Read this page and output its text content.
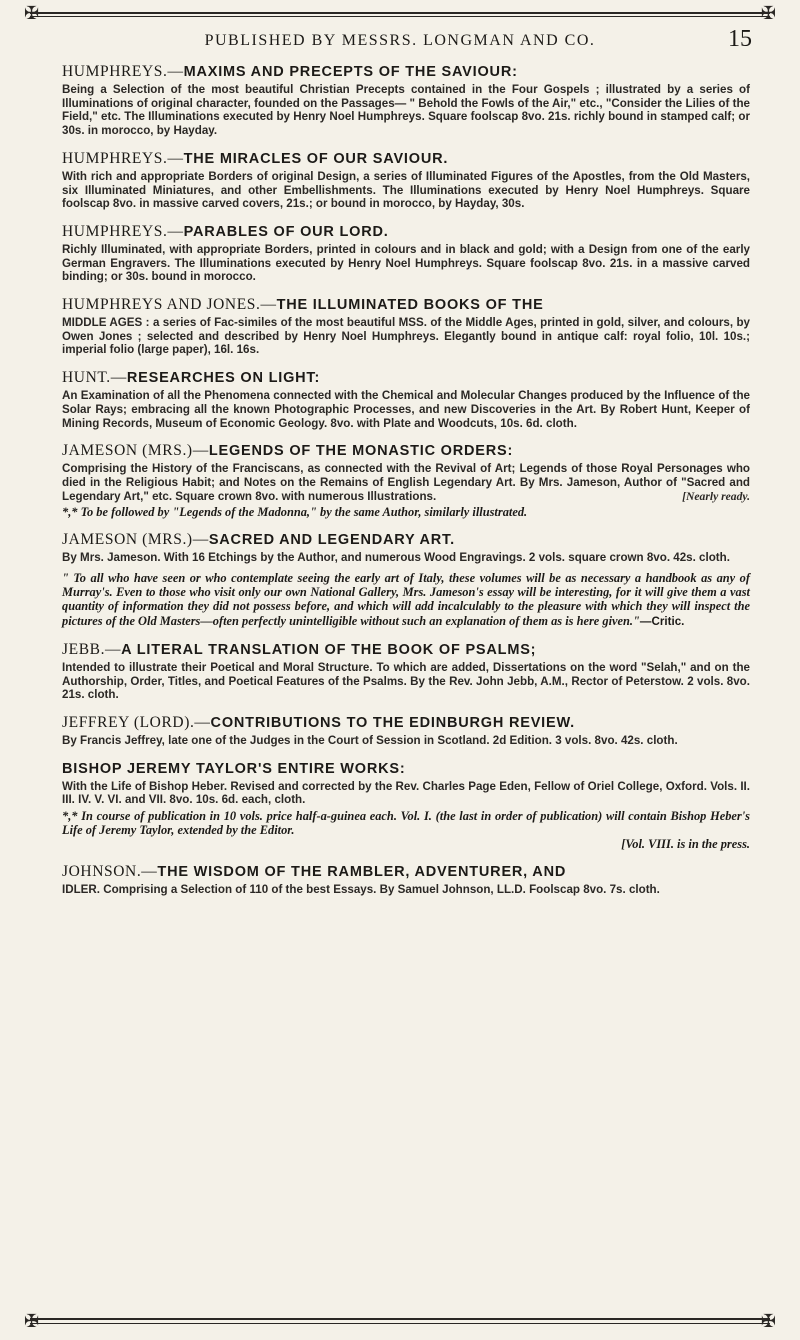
✠	✠
PUBLISHED BY MESSRS. LONGMAN AND CO.	15

HUMPHREYS.—MAXIMS AND PRECEPTS OF THE SAVIOUR:

Being a Selection of the most beautiful Christian Precepts contained in the Four Gospels ; illustrated by a series of Illuminations of original character, founded on the Passages— " Behold the Fowls of the Air," etc., "Consider the Lilies of the Field," etc. The Illuminations executed by Henry Noel Humphreys. Square foolscap 8vo. 21s. richly bound in stamped calf; or 30s. in morocco, by Hayday.

HUMPHREYS.—THE MIRACLES OF OUR SAVIOUR.

With rich and appropriate Borders of original Design, a series of Illuminated Figures of the Apostles, from the Old Masters, six Illuminated Miniatures, and other Embellishments. The Illuminations executed by Henry Noel Humphreys. Square foolscap 8vo. in massive carved covers, 21s.; or bound in morocco, by Hayday, 30s.

HUMPHREYS.—PARABLES OF OUR LORD.

Richly Illuminated, with appropriate Borders, printed in colours and in black and gold; with a Design from one of the early German Engravers. The Illuminations executed by Henry Noel Humphreys. Square foolscap 8vo. 21s. in a massive carved binding; or 30s. bound in morocco.

HUMPHREYS AND JONES.—THE ILLUMINATED BOOKS OF THE

MIDDLE AGES : a series of Fac-similes of the most beautiful MSS. of the Middle Ages, printed in gold, silver, and colours, by Owen Jones ; selected and described by Henry Noel Humphreys. Elegantly bound in antique calf: royal folio, 10l. 10s.; imperial folio (large paper), 16l. 16s.

HUNT.—RESEARCHES ON LIGHT:

An Examination of all the Phenomena connected with the Chemical and Molecular Changes produced by the Influence of the Solar Rays; embracing all the known Photographic Processes, and new Discoveries in the Art. By Robert Hunt, Keeper of Mining Records, Museum of Economic Geology. 8vo. with Plate and Woodcuts, 10s. 6d. cloth.

JAMESON (MRS.)—LEGENDS OF THE MONASTIC ORDERS:

Comprising the History of the Franciscans, as connected with the Revival of Art; Legends of those Royal Personages who died in the Religious Habit; and Notes on the Remains of English Legendary Art. By Mrs. Jameson, Author of "Sacred and Legendary Art," etc. Square crown 8vo. with numerous Illustrations.	[Nearly ready.

*,* To be followed by "Legends of the Madonna," by the same Author, similarly illustrated.

JAMESON (MRS.)—SACRED AND LEGENDARY ART.

By Mrs. Jameson. With 16 Etchings by the Author, and numerous Wood Engravings. 2 vols. square crown 8vo. 42s. cloth.

" To all who have seen or who contemplate seeing the early art of Italy, these volumes will be as necessary a handbook as any of Murray's. Even to those who visit only our own National Gallery, Mrs. Jameson's essay will be interesting, for it will give them a vast quantity of information they did not possess before, and which will add incalculably to the pleasure with which they will inspect the pictures of the Old Masters—often perfectly unintelligible without such an explanation of them as is here given."—Critic.

JEBB.—A LITERAL TRANSLATION OF THE BOOK OF PSALMS;

Intended to illustrate their Poetical and Moral Structure. To which are added, Dissertations on the word "Selah," and on the Authorship, Order, Titles, and Poetical Features of the Psalms. By the Rev. John Jebb, A.M., Rector of Peterstow. 2 vols. 8vo. 21s. cloth.

JEFFREY (LORD).—CONTRIBUTIONS TO THE EDINBURGH REVIEW.

By Francis Jeffrey, late one of the Judges in the Court of Session in Scotland. 2d Edition. 3 vols. 8vo. 42s. cloth.

BISHOP JEREMY TAYLOR'S ENTIRE WORKS:

With the Life of Bishop Heber. Revised and corrected by the Rev. Charles Page Eden, Fellow of Oriel College, Oxford. Vols. II. III. IV. V. VI. and VII. 8vo. 10s. 6d. each, cloth.

*,* In course of publication in 10 vols. price half-a-guinea each. Vol. I. (the last in order of publication) will contain Bishop Heber's Life of Jeremy Taylor, extended by the Editor.

[Vol. VIII. is in the press.

JOHNSON.—THE WISDOM OF THE RAMBLER, ADVENTURER, AND

IDLER. Comprising a Selection of 110 of the best Essays. By Samuel Johnson, LL.D. Foolscap 8vo. 7s. cloth.

✠	✠
